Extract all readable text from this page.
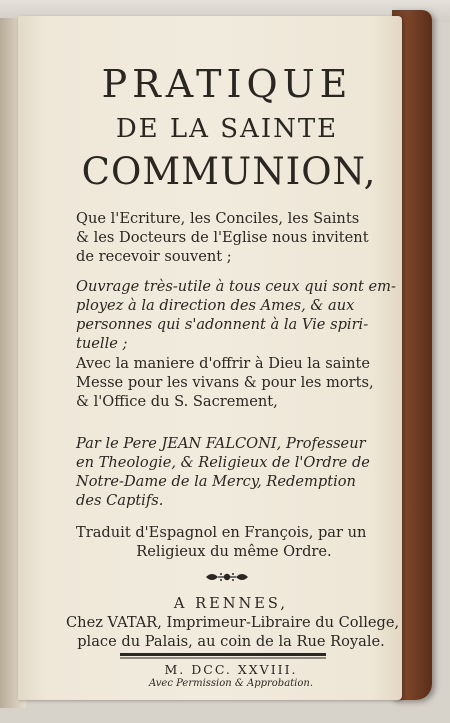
PRATIQUE
DE LA SAINTE
COMMUNION,
Que l'Ecriture, les Conciles, les Saints
& les Docteurs de l'Eglise nous invitent
de recevoir souvent ;
Ouvrage très-utile à tous ceux qui sont em-
ployez à la direction des Ames, & aux
personnes qui s'adonnent à la Vie spiri-
tuelle ;
Avec la maniere d'offrir à Dieu la sainte
Messe pour les vivans & pour les morts,
& l'Office du S. Sacrement,
Par le Pere JEAN FALCONI, Professeur
en Theologie, & Religieux de l'Ordre de
Notre-Dame de la Mercy, Redemption
des Captifs.
Traduit d'Espagnol en François, par un
Religieux du même Ordre.
A RENNES,
Chez VATAR, Imprimeur-Libraire du College,
place du Palais, au coin de la Rue Royale.
M. DCC. XXVIII.
Avec Permission & Approbation.
